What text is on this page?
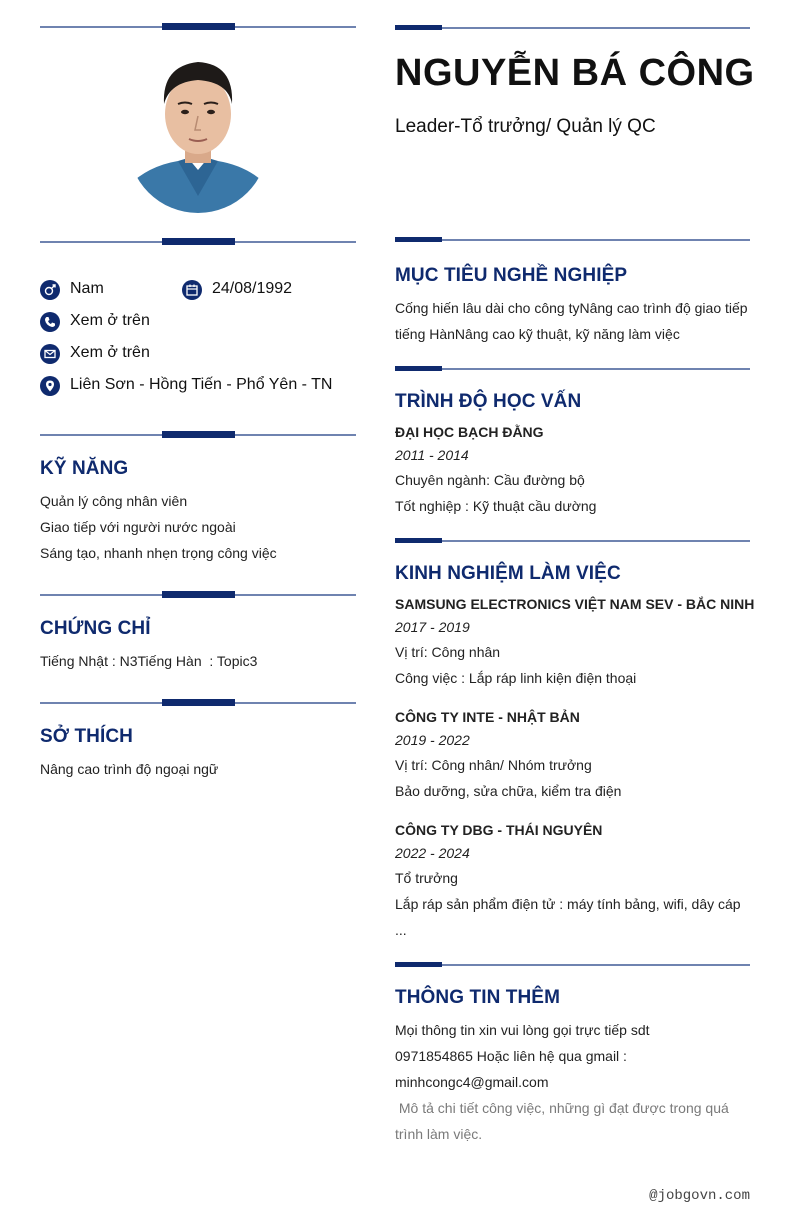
Nam	24/08/1992
Xem ở trên
Xem ở trên
Liên Sơn - Hồng Tiến - Phổ Yên - TN
KỸ NĂNG
Quản lý công nhân viên
Giao tiếp với người nước ngoài
Sáng tạo, nhanh nhẹn trọng công việc
CHỨNG CHỈ
Tiếng Nhật : N3Tiếng Hàn  : Topic3
SỞ THÍCH
Nâng cao trình độ ngoại ngữ
NGUYỄN BÁ CÔNG
Leader-Tổ trưởng/ Quản lý QC
MỤC TIÊU NGHỀ NGHIỆP
Cống hiến lâu dài cho công tyNâng cao trình độ giao tiếp
tiếng HànNâng cao kỹ thuật, kỹ năng làm việc
TRÌNH ĐỘ HỌC VẤN
ĐẠI HỌC BẠCH ĐẰNG
2011 - 2014
Chuyên ngành: Cầu đường bộ
Tốt nghiệp : Kỹ thuật cầu dường
KINH NGHIỆM LÀM VIỆC
SAMSUNG ELECTRONICS VIỆT NAM SEV - BẮC NINH
2017 - 2019
Vị trí: Công nhân
Công việc : Lắp ráp linh kiện điện thoại
CÔNG TY INTE - NHẬT BẢN
2019 - 2022
Vị trí: Công nhân/ Nhóm trưởng
Bảo dưỡng, sửa chữa, kiểm tra điện
CÔNG TY DBG - THÁI NGUYÊN
2022 - 2024
Tổ trưởng
Lắp ráp sản phẩm điện tử : máy tính bảng, wifi, dây cáp
...
THÔNG TIN THÊM
Mọi thông tin xin vui lòng gọi trực tiếp sdt
0971854865 Hoặc liên hệ qua gmail :
minhcongc4@gmail.com
Mô tả chi tiết công việc, những gì đạt được trong quá
trình làm việc.
@jobgovn.com
